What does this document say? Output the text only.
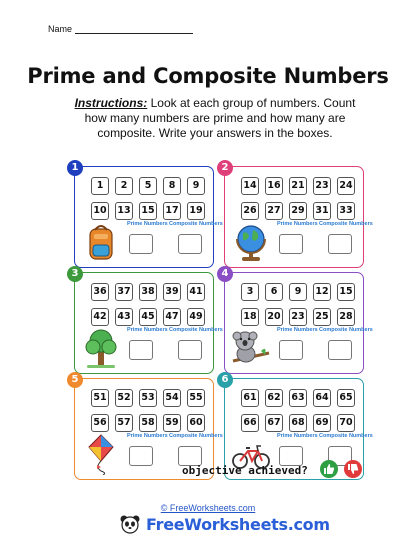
Name
Prime and Composite Numbers
Instructions: Look at each group of numbers. Count how many numbers are prime and how many are composite. Write your answers in the boxes.
1
1	2	5	8	9
10 13 15 17 19
Prime Numbers Composite Numbers
2
14 16 21 23 24
26 27 29 31 33
Prime Numbers Composite Numbers
3
36 37 38 39 41
42 43 45 47 49
Prime Numbers Composite Numbers
4
3	6	9	12 15
18 20 23 25 28
Prime Numbers Composite Numbers
5
51 52 53 54 55
56 57 58 59 60
Prime Numbers Composite Numbers
6
61 62 63 64 65
66 67 68 69 70
Prime Numbers Composite Numbers
objective achieved?
© FreeWorksheets.com
FreeWorksheets.com
